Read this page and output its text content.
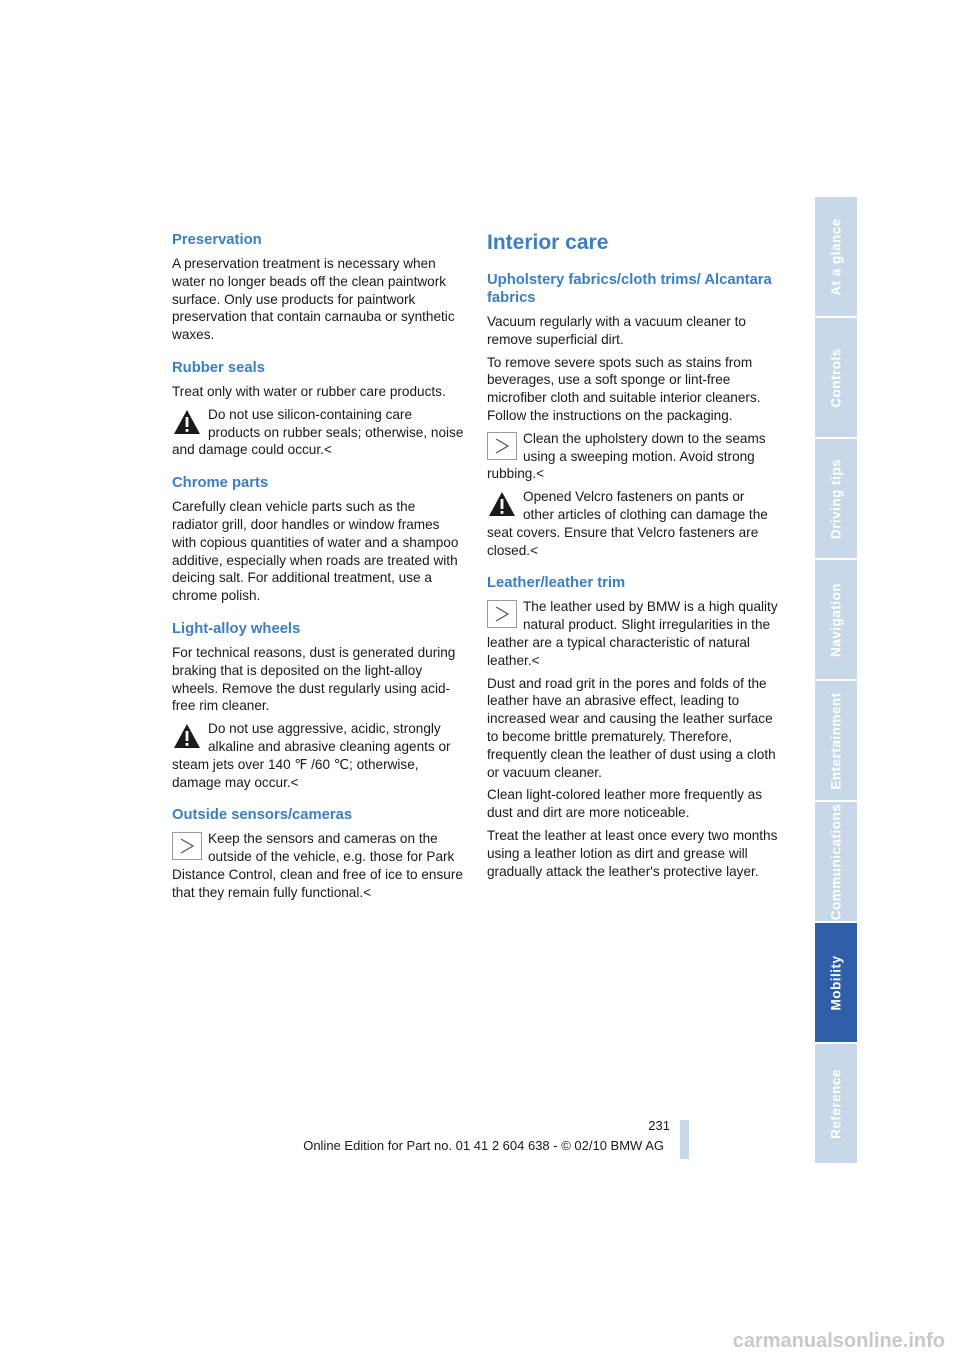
Preservation

A preservation treatment is necessary when water no longer beads off the clean paintwork surface. Only use products for paintwork preservation that contain carnauba or synthetic waxes.

Rubber seals

Treat only with water or rubber care products.

Do not use silicon-containing care products on rubber seals; otherwise, noise and damage could occur.<

Chrome parts

Carefully clean vehicle parts such as the radiator grill, door handles or window frames with copious quantities of water and a shampoo additive, especially when roads are treated with deicing salt. For additional treatment, use a chrome polish.

Light-alloy wheels

For technical reasons, dust is generated during braking that is deposited on the light-alloy wheels. Remove the dust regularly using acid-free rim cleaner.

Do not use aggressive, acidic, strongly alkaline and abrasive cleaning agents or steam jets over 140 ℉ /60 ℃; otherwise, damage may occur.<

Outside sensors/cameras

Keep the sensors and cameras on the outside of the vehicle, e.g. those for Park Distance Control, clean and free of ice to ensure that they remain fully functional.<

Interior care
Upholstery fabrics/cloth trims/ Alcantara fabrics

Vacuum regularly with a vacuum cleaner to remove superficial dirt.

To remove severe spots such as stains from beverages, use a soft sponge or lint-free microfiber cloth and suitable interior cleaners. Follow the instructions on the packaging.

Clean the upholstery down to the seams using a sweeping motion. Avoid strong rubbing.<

Opened Velcro fasteners on pants or other articles of clothing can damage the seat covers. Ensure that Velcro fasteners are closed.<

Leather/leather trim

The leather used by BMW is a high quality natural product. Slight irregularities in the leather are a typical characteristic of natural leather.<

Dust and road grit in the pores and folds of the leather have an abrasive effect, leading to increased wear and causing the leather surface to become brittle prematurely. Therefore, frequently clean the leather of dust using a cloth or vacuum cleaner.

Clean light-colored leather more frequently as dust and dirt are more noticeable.

Treat the leather at least once every two months using a leather lotion as dirt and grease will gradually attack the leather's protective layer.

At a glance
Controls
Driving tips
Navigation
Entertainment
Communications
Mobility
Reference
231
Online Edition for Part no. 01 41 2 604 638 - © 02/10 BMW AG
carmanualsonline.info
